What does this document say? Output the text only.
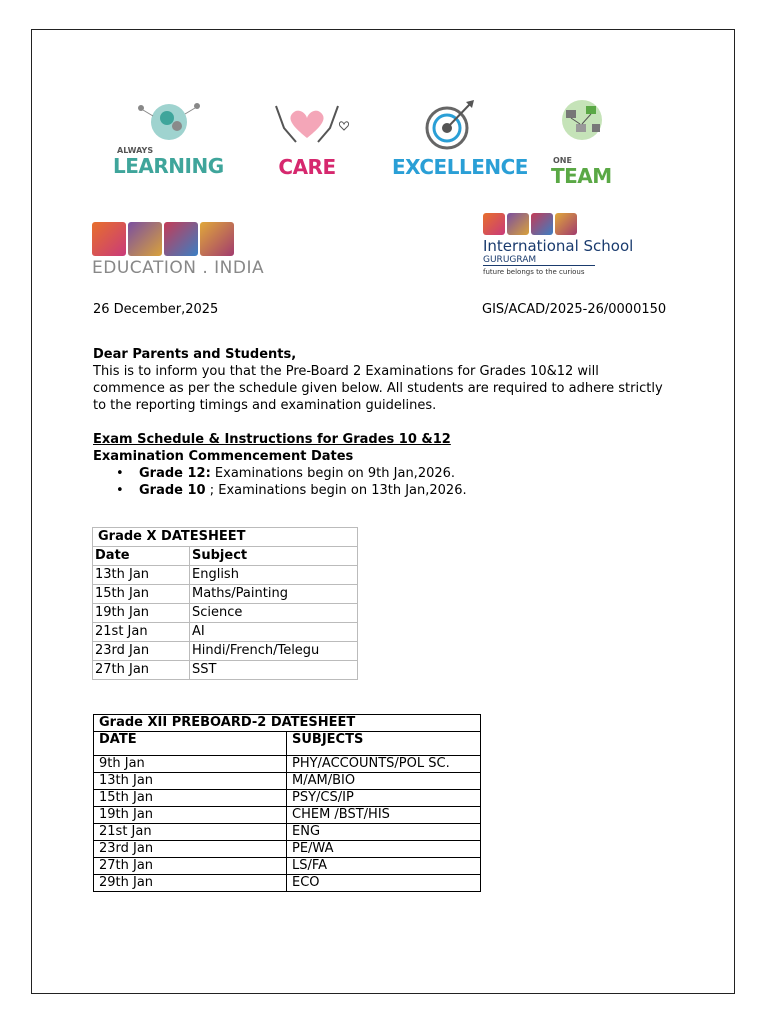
ALWAYS
LEARNING	CARE	EXCELLENCE	ONE
TEAM
EDUCATION . INDIA
International School
GURUGRAM
future belongs to the curious
26 December,2025	GIS/ACAD/2025-26/0000150
Dear Parents and Students,
This is to inform you that the Pre-Board 2 Examinations for Grades 10&12 will commence as per the schedule given below. All students are required to adhere strictly to the reporting timings and examination guidelines.
Exam Schedule & Instructions for Grades 10 &12
Examination Commencement Dates
• Grade 12: Examinations begin on 9th Jan,2026.
• Grade 10 ; Examinations begin on 13th Jan,2026.
Grade X DATESHEET	
Date	Subject
13th Jan	English
15th Jan	Maths/Painting
19th Jan	Science
21st Jan	AI
23rd Jan	Hindi/French/Telegu
27th Jan	SST
Grade XII PREBOARD-2 DATESHEET	
DATE	SUBJECTS
9th Jan	PHY/ACCOUNTS/POL SC.
13th Jan	M/AM/BIO
15th Jan	PSY/CS/IP
19th Jan	CHEM /BST/HIS
21st Jan	ENG
23rd Jan	PE/WA
27th Jan	LS/FA
29th Jan	ECO
